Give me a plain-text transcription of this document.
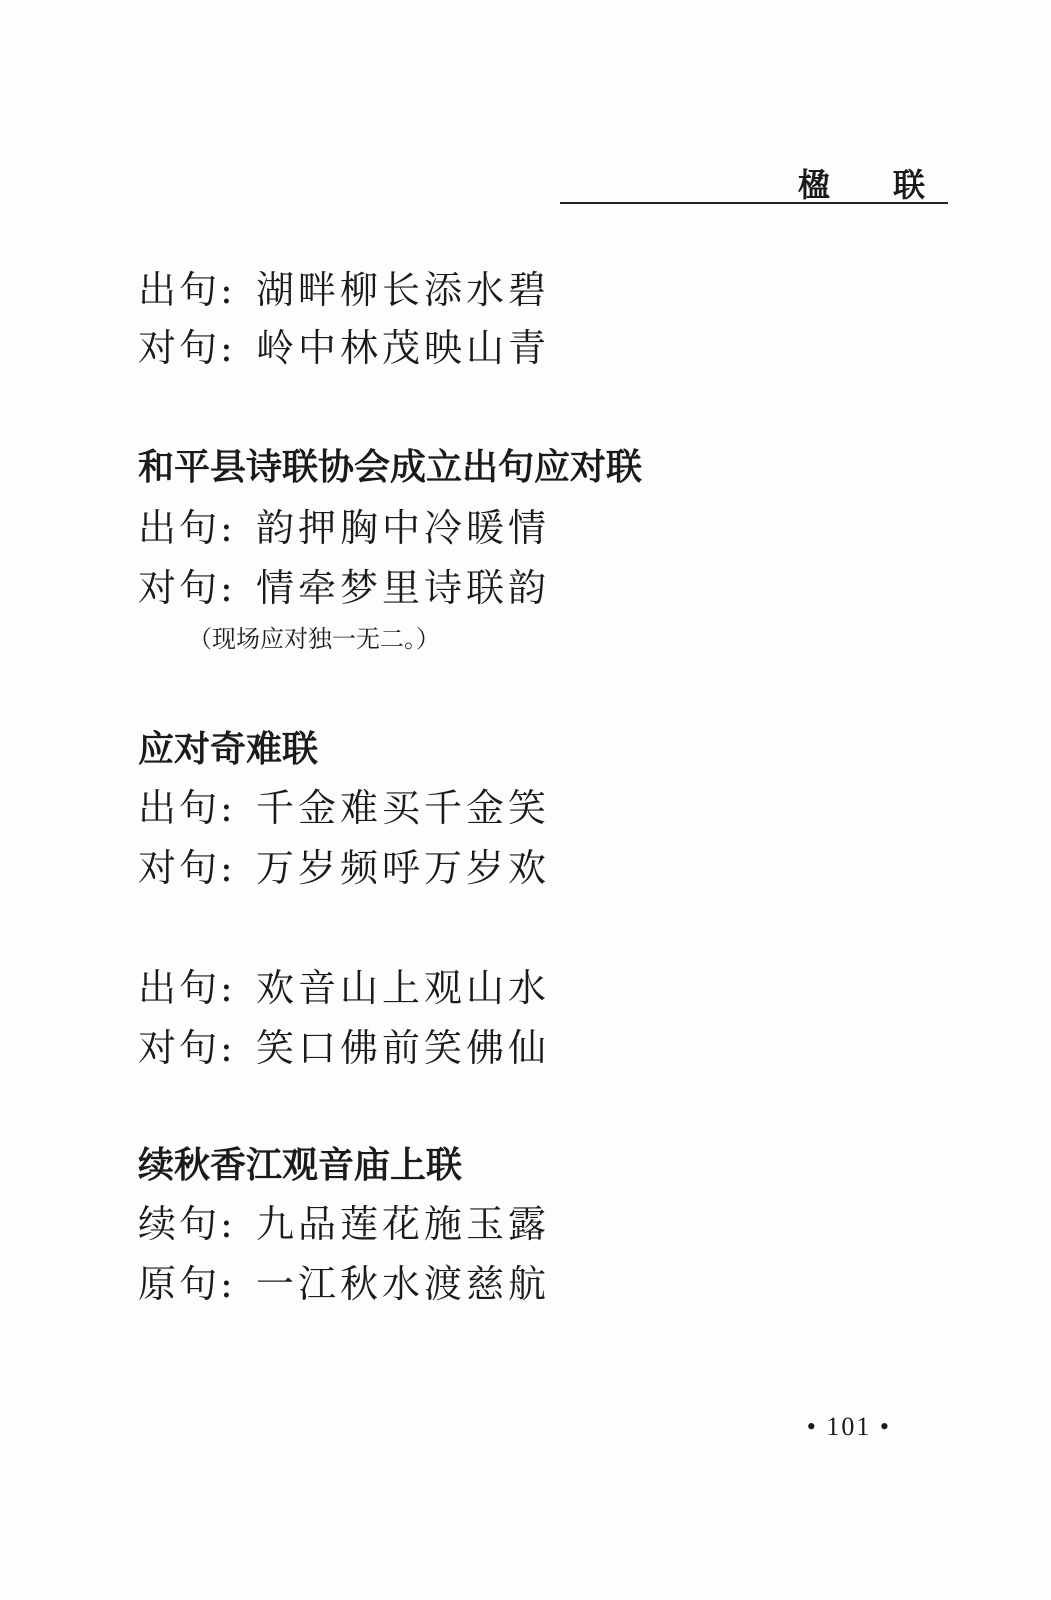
楹 联
出句: 湖畔柳长添水碧
对句: 岭中林茂映山青
和平县诗联协会成立出句应对联
出句: 韵押胸中冷暖情
对句: 情牵梦里诗联韵
（现场应对独一无二。）
应对奇难联
出句: 千金难买千金笑
对句: 万岁频呼万岁欢
出句: 欢音山上观山水
对句: 笑口佛前笑佛仙
续秋香江观音庙上联
续句: 九品莲花施玉露
原句: 一江秋水渡慈航
• 101 •
